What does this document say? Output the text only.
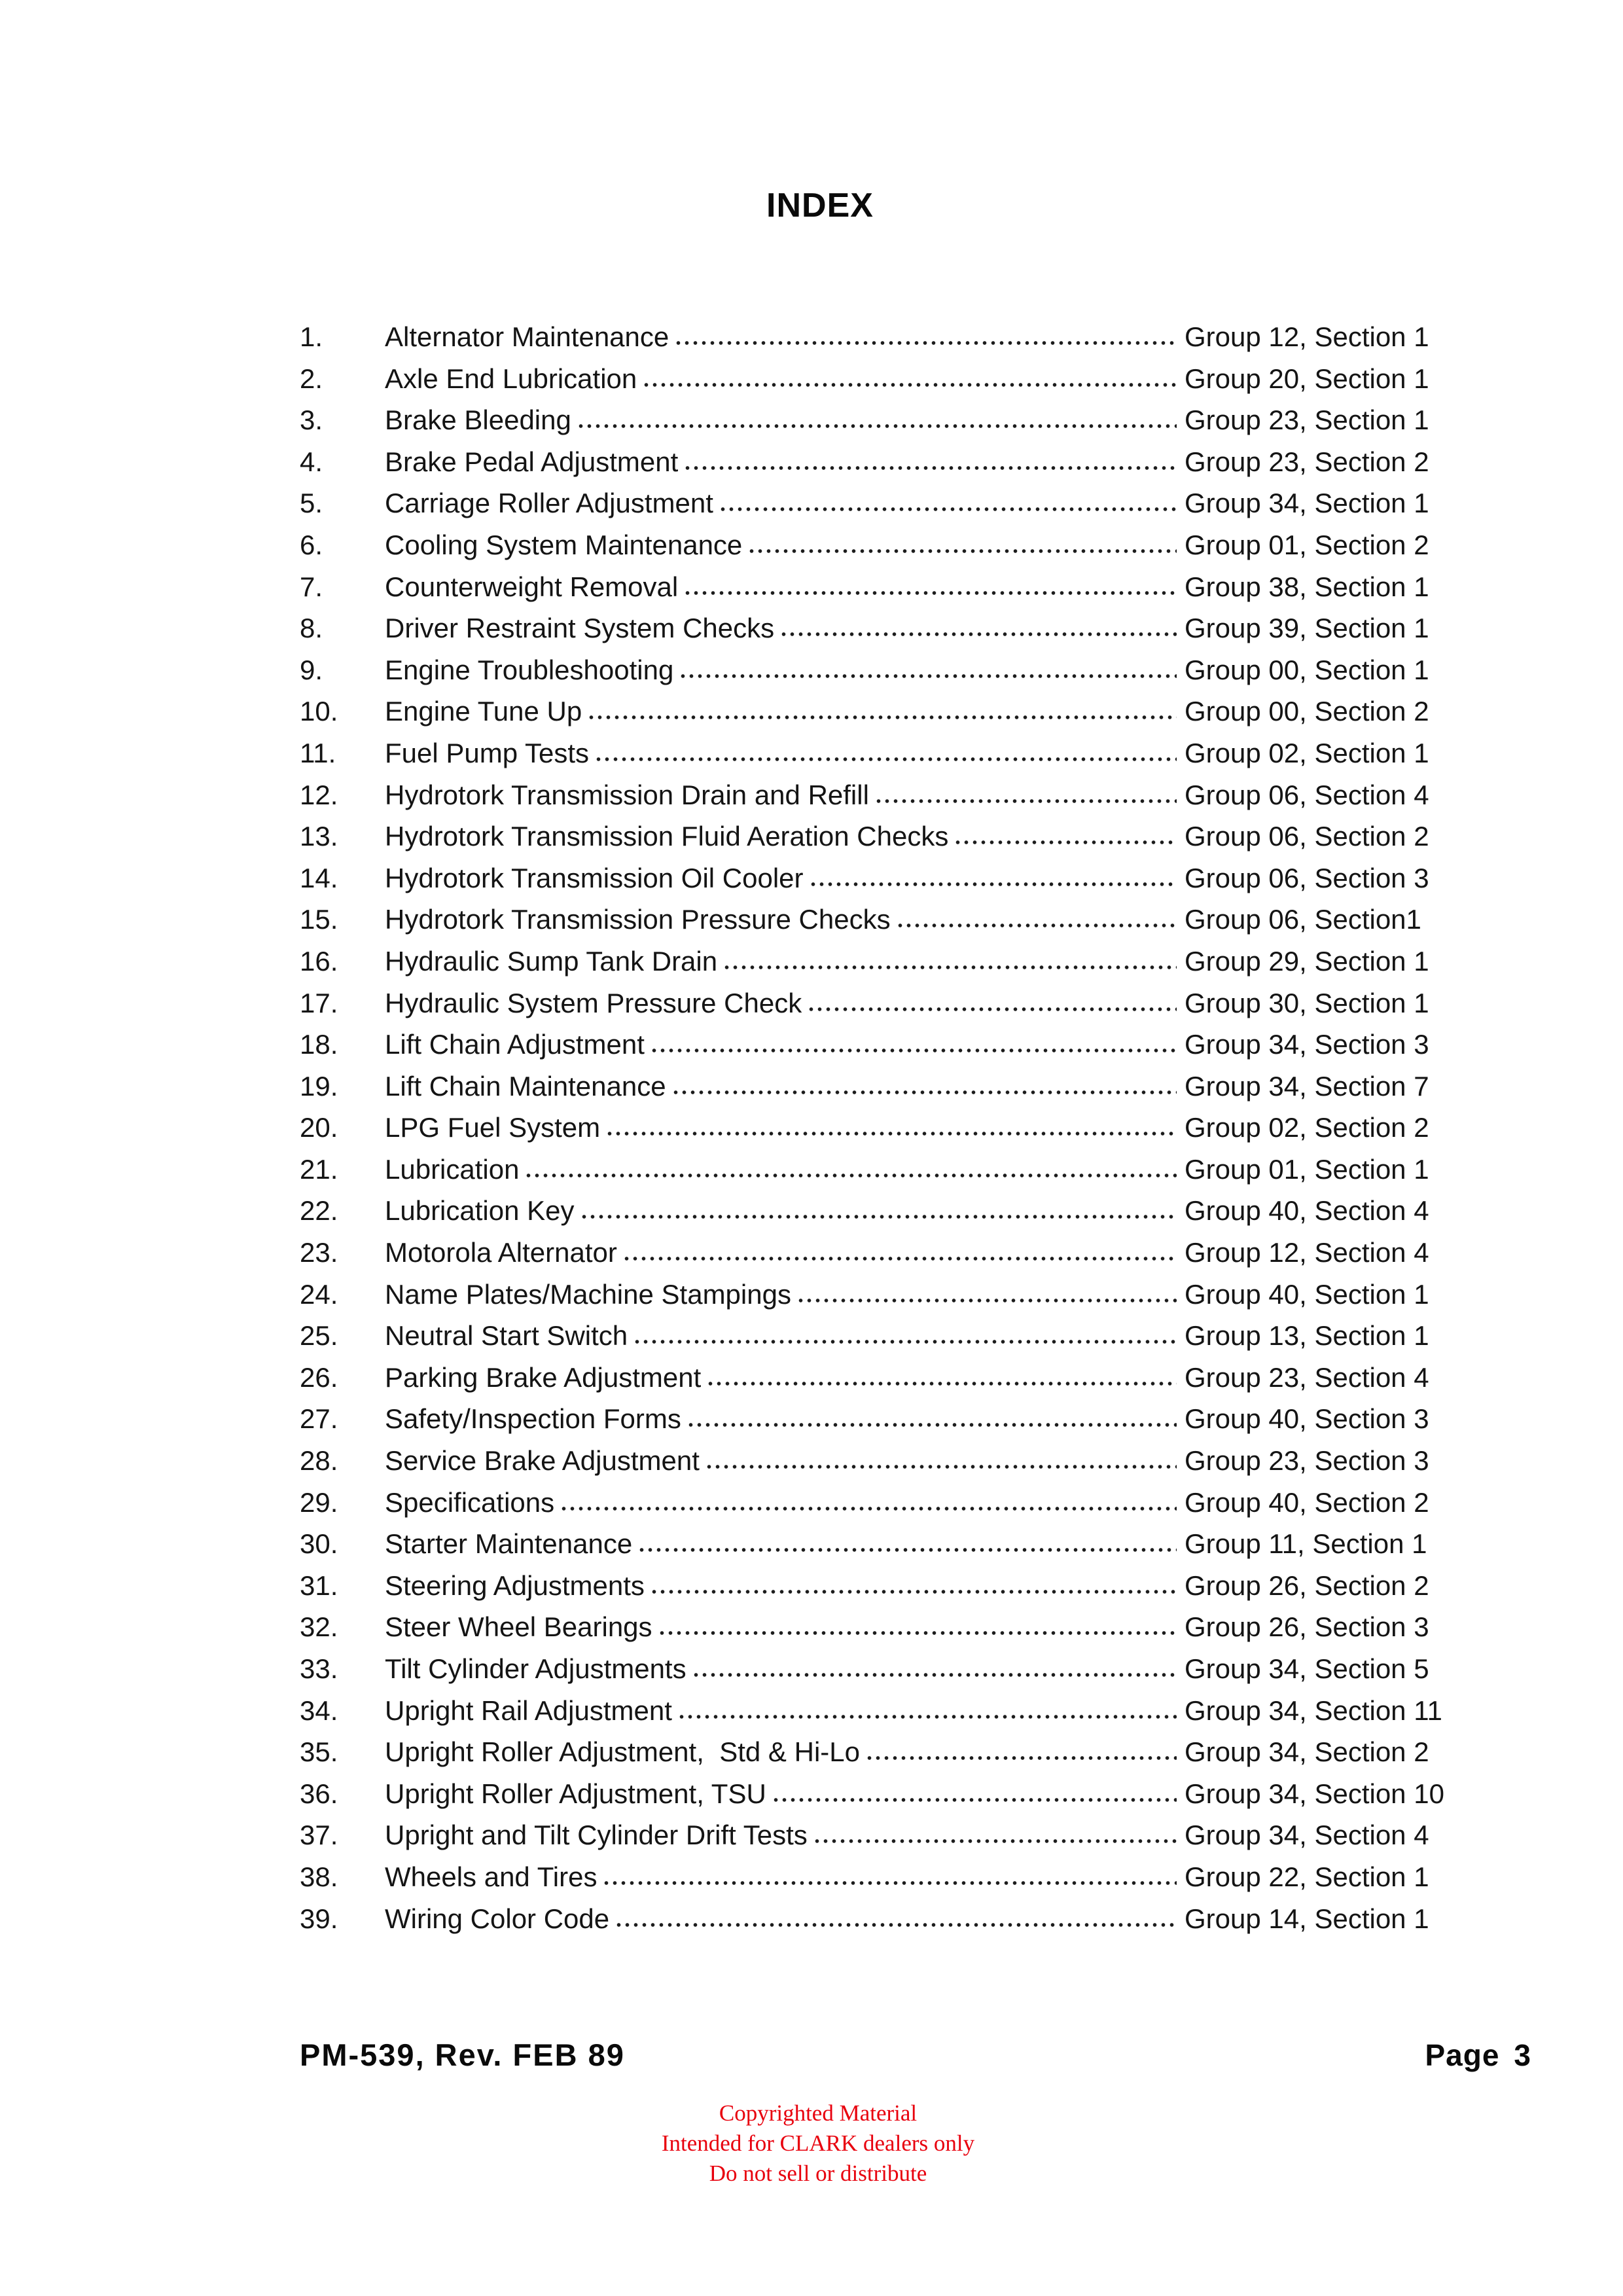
INDEX
1.	Alternator Maintenance	Group 12, Section 1
2.	Axle End Lubrication	Group 20, Section 1
3.	Brake Bleeding	Group 23, Section 1
4.	Brake Pedal Adjustment	Group 23, Section 2
5.	Carriage Roller Adjustment	Group 34, Section 1
6.	Cooling System Maintenance	Group 01, Section 2
7.	Counterweight Removal	Group 38, Section 1
8.	Driver Restraint System Checks	Group 39, Section 1
9.	Engine Troubleshooting	Group 00, Section 1
10.	Engine Tune Up	Group 00, Section 2
11.	Fuel Pump Tests	Group 02, Section 1
12.	Hydrotork Transmission Drain and Refill	Group 06, Section 4
13.	Hydrotork Transmission Fluid Aeration Checks	Group 06, Section 2
14.	Hydrotork Transmission Oil Cooler	Group 06, Section 3
15.	Hydrotork Transmission Pressure Checks	Group 06, Section1
16.	Hydraulic Sump Tank Drain	Group 29, Section 1
17.	Hydraulic System Pressure Check	Group 30, Section 1
18.	Lift Chain Adjustment	Group 34, Section 3
19.	Lift Chain Maintenance	Group 34, Section 7
20.	LPG Fuel System	Group 02, Section 2
21.	Lubrication	Group 01, Section 1
22.	Lubrication Key	Group 40, Section 4
23.	Motorola Alternator	Group 12, Section 4
24.	Name Plates/Machine Stampings	Group 40, Section 1
25.	Neutral Start Switch	Group 13, Section 1
26.	Parking Brake Adjustment	Group 23, Section 4
27.	Safety/Inspection Forms	Group 40, Section 3
28.	Service Brake Adjustment	Group 23, Section 3
29.	Specifications	Group 40, Section 2
30.	Starter Maintenance	Group 11, Section 1
31.	Steering Adjustments	Group 26, Section 2
32.	Steer Wheel Bearings	Group 26, Section 3
33.	Tilt Cylinder Adjustments	Group 34, Section 5
34.	Upright Rail Adjustment	Group 34, Section 11
35.	Upright Roller Adjustment,  Std & Hi-Lo	Group 34, Section 2
36.	Upright Roller Adjustment, TSU	Group 34, Section 10
37.	Upright and Tilt Cylinder Drift Tests	Group 34, Section 4
38.	Wheels and Tires	Group 22, Section 1
39.	Wiring Color Code	Group 14, Section 1
PM-539, Rev. FEB 89	Page 3
Copyrighted Material
Intended for CLARK dealers only
Do not sell or distribute
